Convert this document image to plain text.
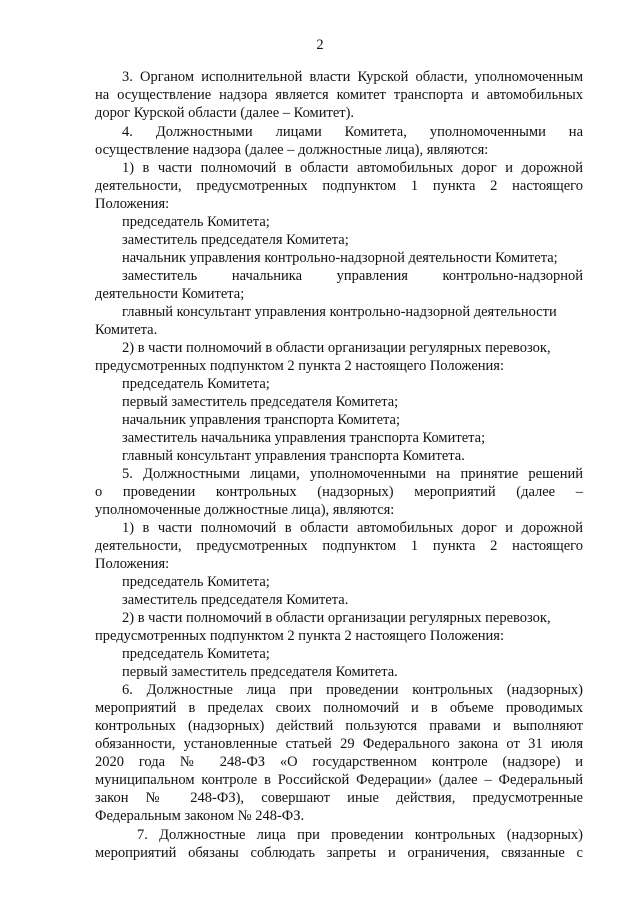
2
3. Органом исполнительной власти Курской области, уполномоченным
на осуществление надзора является комитет транспорта и автомобильных
дорог Курской области (далее – Комитет).
4. Должностными лицами Комитета, уполномоченными на
осуществление надзора (далее – должностные лица), являются:
1) в части полномочий в области автомобильных дорог и дорожной
деятельности, предусмотренных подпунктом 1 пункта 2 настоящего
Положения:
председатель Комитета;
заместитель председателя Комитета;
начальник управления контрольно-надзорной деятельности Комитета;
заместитель начальника управления контрольно-надзорной
деятельности Комитета;
главный консультант управления контрольно-надзорной деятельности
Комитета.
2) в части полномочий в области организации регулярных перевозок,
предусмотренных подпунктом 2 пункта 2 настоящего Положения:
председатель Комитета;
первый заместитель председателя Комитета;
начальник управления транспорта Комитета;
заместитель начальника управления транспорта Комитета;
главный консультант управления транспорта Комитета.
5. Должностными лицами, уполномоченными на принятие решений
о проведении контрольных (надзорных) мероприятий (далее –
уполномоченные должностные лица), являются:
1) в части полномочий в области автомобильных дорог и дорожной
деятельности, предусмотренных подпунктом 1 пункта 2 настоящего
Положения:
председатель Комитета;
заместитель председателя Комитета.
2) в части полномочий в области организации регулярных перевозок,
предусмотренных подпунктом 2 пункта 2 настоящего Положения:
председатель Комитета;
первый заместитель председателя Комитета.
6. Должностные лица при проведении контрольных (надзорных)
мероприятий в пределах своих полномочий и в объеме проводимых
контрольных (надзорных) действий пользуются правами и выполняют
обязанности, установленные статьей 29 Федерального закона от 31 июля
2020 года № 248-ФЗ «О государственном контроле (надзоре) и
муниципальном контроле в Российской Федерации» (далее – Федеральный
закон № 248-ФЗ), совершают иные действия, предусмотренные
Федеральным законом № 248-ФЗ.
7. Должностные лица при проведении контрольных (надзорных)
мероприятий обязаны соблюдать запреты и ограничения, связанные с
